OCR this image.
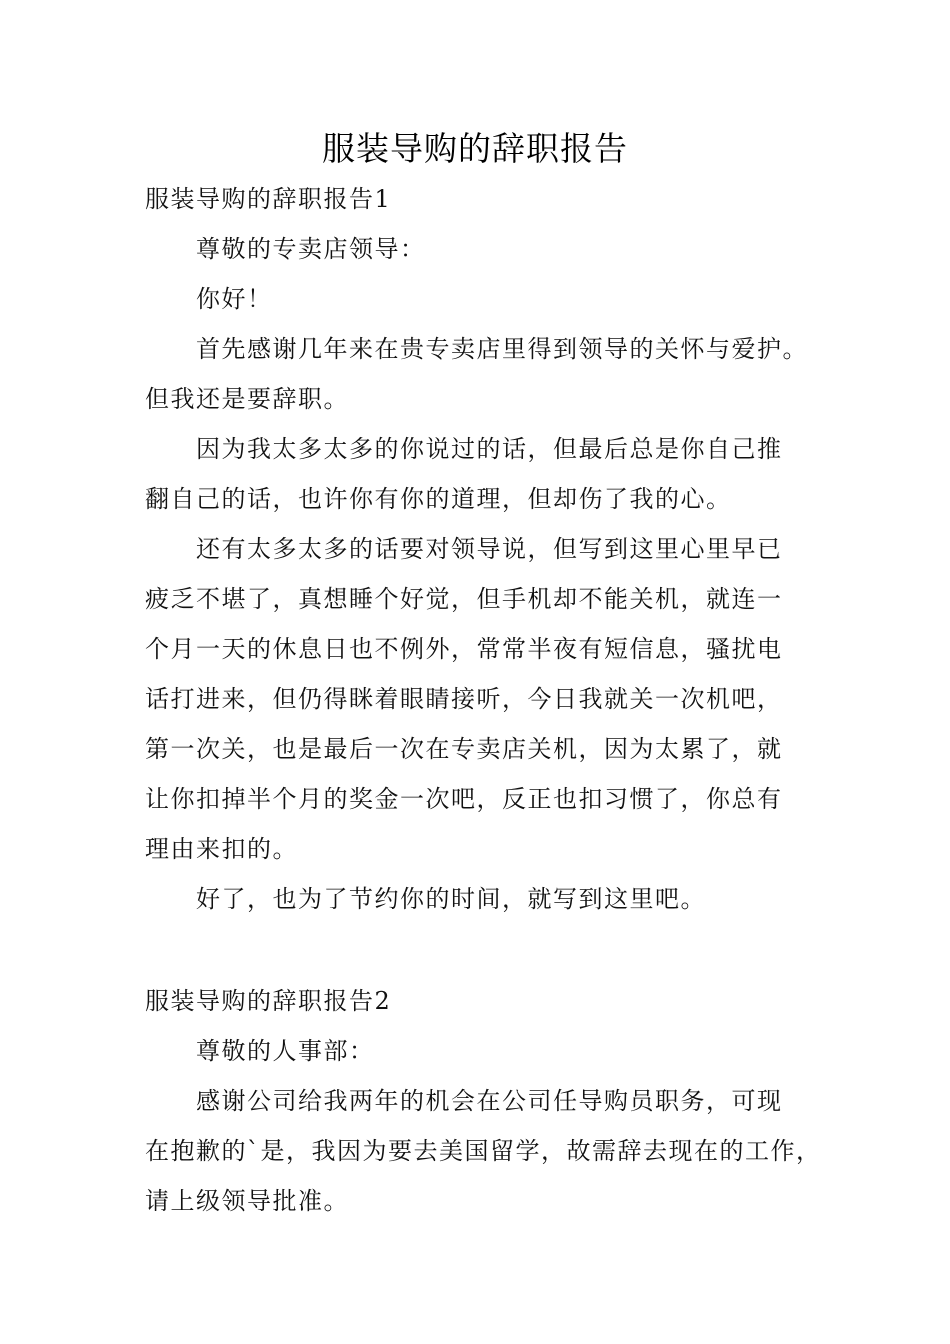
服装导购的辞职报告
服装导购的辞职报告1
尊敬的专卖店领导：
你好！
首先感谢几年来在贵专卖店里得到领导的关怀与爱护。
但我还是要辞职。
因为我太多太多的你说过的话，但最后总是你自己推
翻自己的话，也许你有你的道理，但却伤了我的心。
还有太多太多的话要对领导说，但写到这里心里早已
疲乏不堪了，真想睡个好觉，但手机却不能关机，就连一
个月一天的休息日也不例外，常常半夜有短信息，骚扰电
话打进来，但仍得眯着眼睛接听，今日我就关一次机吧，
第一次关，也是最后一次在专卖店关机，因为太累了，就
让你扣掉半个月的奖金一次吧，反正也扣习惯了，你总有
理由来扣的。
好了，也为了节约你的时间，就写到这里吧。
服装导购的辞职报告2
尊敬的人事部：
感谢公司给我两年的机会在公司任导购员职务，可现
在抱歉的`是，我因为要去美国留学，故需辞去现在的工作，
请上级领导批准。
